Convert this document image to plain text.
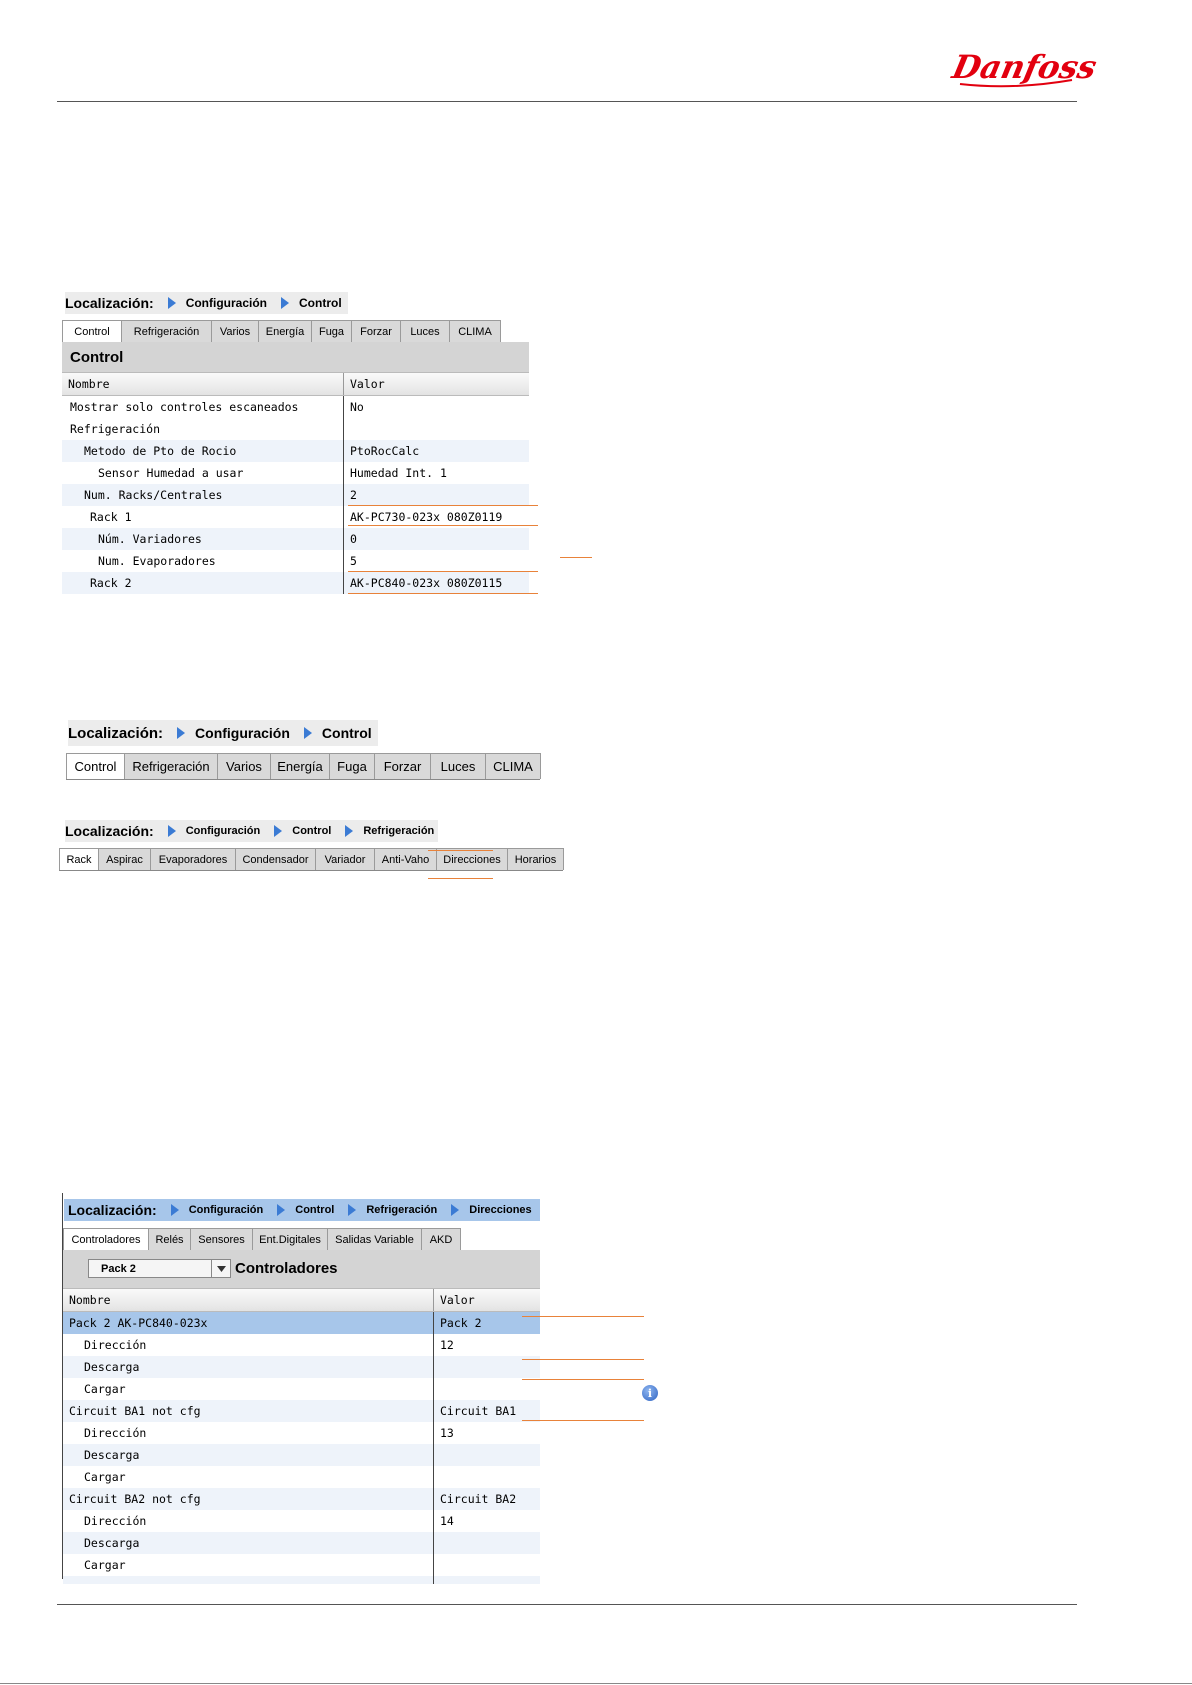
Danfoss
Localización:	Configuración	Control
Control	Refrigeración	Varios	Energía	Fuga	Forzar	Luces	CLIMA
Control
Nombre	Valor
Mostrar solo controles escaneados	No
Refrigeración
Metodo de Pto de Rocio	PtoRocCalc
Sensor Humedad a usar	Humedad Int. 1
Num. Racks/Centrales	2
Rack 1	AK-PC730-023x 080Z0119
Núm. Variadores	0
Num. Evaporadores	5
Rack 2	AK-PC840-023x 080Z0115
Localización: Configuración Control
Control	Refrigeración	Varios	Energía	Fuga	Forzar	Luces	CLIMA
Localización:	Configuración	Control	Refrigeración
Rack	Aspirac	Evaporadores	Condensador	Variador	Anti-Vaho	Direcciones	Horarios
Localización:	Configuración	Control	Refrigeración	Direcciones
Controladores	Relés	Sensores	Ent.Digitales	Salidas Variable	AKD
Pack 2	Controladores
Nombre	Valor
Pack 2 AK-PC840-023x	Pack 2
Dirección	12
Descarga
Cargar
Circuit BA1 not cfg	Circuit BA1
Dirección	13
Descarga
Cargar
Circuit BA2 not cfg	Circuit BA2
Dirección	14
Descarga
Cargar
i
